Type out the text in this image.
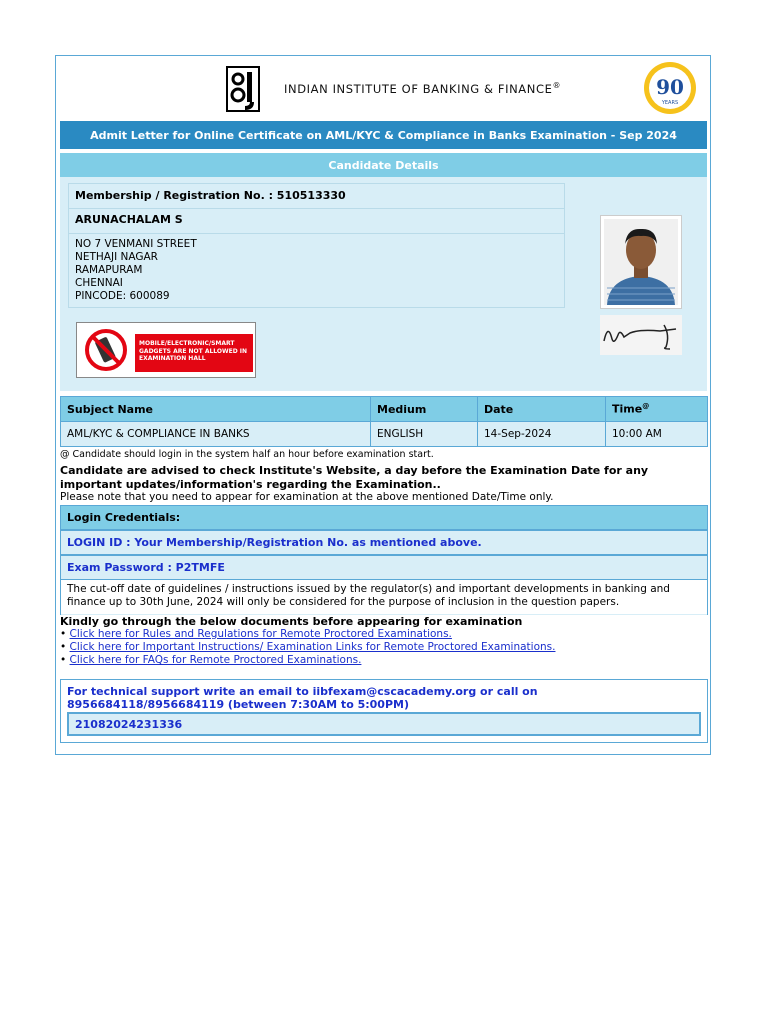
INDIAN INSTITUTE OF BANKING & FINANCE®	90
YEARS
Admit Letter for Online Certificate on AML/KYC & Compliance in Banks Examination - Sep 2024
Candidate Details
Membership / Registration No. : 510513330
ARUNACHALAM S
NO 7 VENMANI STREET
NETHAJI NAGAR
RAMAPURAM
CHENNAI
PINCODE: 600089
MOBILE/ELECTRONIC/SMART GADGETS ARE NOT ALLOWED IN EXAMINATION HALL
Subject Name	Medium	Date	Time@
AML/KYC & COMPLIANCE IN BANKS	ENGLISH	14-Sep-2024	10:00 AM
@ Candidate should login in the system half an hour before examination start.
Candidate are advised to check Institute's Website, a day before the Examination Date for any important updates/information's regarding the Examination..
Please note that you need to appear for examination at the above mentioned Date/Time only.
Login Credentials:
LOGIN ID : Your Membership/Registration No. as mentioned above.
Exam Password : P2TMFE
The cut-off date of guidelines / instructions issued by the regulator(s) and important developments in banking and finance up to 30th June, 2024 will only be considered for the purpose of inclusion in the question papers.
Kindly go through the below documents before appearing for examination
• Click here for Rules and Regulations for Remote Proctored Examinations.
• Click here for Important Instructions/ Examination Links for Remote Proctored Examinations.
• Click here for FAQs for Remote Proctored Examinations.
For technical support write an email to iibfexam@cscacademy.org or call on 8956684118/8956684119 (between 7:30AM to 5:00PM)
21082024231336
